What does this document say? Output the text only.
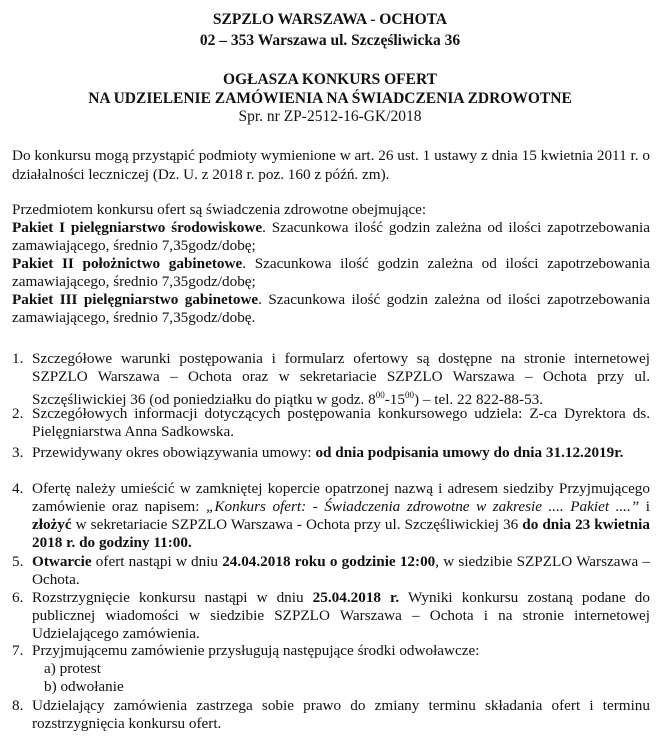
SZPZLO WARSZAWA - OCHOTA
02 – 353 Warszawa ul. Szczęśliwicka 36
OGŁASZA KONKURS OFERT
NA UDZIELENIE ZAMÓWIENIA NA ŚWIADCZENIA ZDROWOTNE
Spr. nr ZP-2512-16-GK/2018
Do konkursu mogą przystąpić podmioty wymienione w art. 26 ust. 1 ustawy z dnia 15 kwietnia 2011 r. o działalności leczniczej (Dz. U. z 2018 r. poz. 160 z późń. zm).
Przedmiotem konkursu ofert są świadczenia zdrowotne obejmujące:
Pakiet I pielęgniarstwo środowiskowe. Szacunkowa ilość godzin zależna od ilości zapotrzebowania zamawiającego, średnio 7,35godz/dobę;
Pakiet II położnictwo gabinetowe. Szacunkowa ilość godzin zależna od ilości zapotrzebowania zamawiającego, średnio 7,35godz/dobę;
Pakiet III pielęgniarstwo gabinetowe. Szacunkowa ilość godzin zależna od ilości zapotrzebowania zamawiającego, średnio 7,35godz/dobę.
1. Szczegółowe warunki postępowania i formularz ofertowy są dostępne na stronie internetowej SZPZLO Warszawa – Ochota oraz w sekretariacie SZPZLO Warszawa – Ochota przy ul. Szczęśliwickiej 36 (od poniedziałku do piątku w godz. $8^{00}-15^{00}$) – tel. 22 822-88-53.
2. Szczegółowych informacji dotyczących postępowania konkursowego udziela: Z-ca Dyrektora ds. Pielęgniarstwa Anna Sadkowska.
3. Przewidywany okres obowiązywania umowy: od dnia podpisania umowy do dnia 31.12.2019r.
4. Ofertę należy umieścić w zamkniętej kopercie opatrzonej nazwą i adresem siedziby Przyjmującego zamówienie oraz napisem: „Konkurs ofert: - Świadczenia zdrowotne w zakresie .... Pakiet ....” i złożyć w sekretariacie SZPZLO Warszawa - Ochota przy ul. Szczęśliwickiej 36 do dnia 23 kwietnia 2018 r. do godziny 11:00.
5. Otwarcie ofert nastąpi w dniu 24.04.2018 roku o godzinie 12:00, w siedzibie SZPZLO Warszawa – Ochota.
6. Rozstrzygnięcie konkursu nastąpi w dniu 25.04.2018 r. Wyniki konkursu zostaną podane do publicznej wiadomości w siedzibie SZPZLO Warszawa – Ochota i na stronie internetowej Udzielającego zamówienia.
7. Przyjmującemu zamówienie przysługują następujące środki odwoławcze:
a) protest
b) odwołanie
8. Udzielający zamówienia zastrzega sobie prawo do zmiany terminu składania ofert i terminu rozstrzygnięcia konkursu ofert.
